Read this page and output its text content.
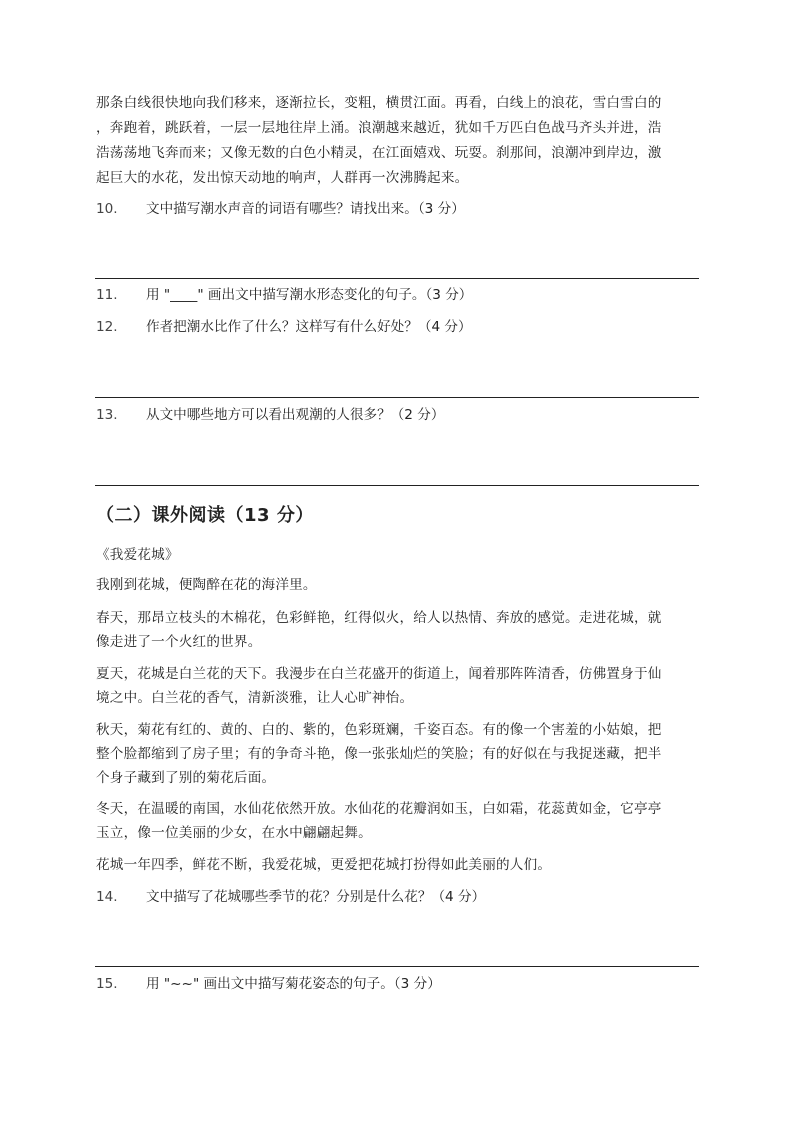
那条白线很快地向我们移来，逐渐拉长，变粗，横贯江面。再看，白线上的浪花，雪白雪白的
，奔跑着，跳跃着，一层一层地往岸上涌。浪潮越来越近，犹如千万匹白色战马齐头并进，浩
浩荡荡地飞奔而来；又像无数的白色小精灵，在江面嬉戏、玩耍。刹那间，浪潮冲到岸边，激
起巨大的水花，发出惊天动地的响声，人群再一次沸腾起来。
10. 文中描写潮水声音的词语有哪些？请找出来。（3 分）
11. 用 "____" 画出文中描写潮水形态变化的句子。（3 分）
12. 作者把潮水比作了什么？这样写有什么好处？（4 分）
13. 从文中哪些地方可以看出观潮的人很多？（2 分）
（二）课外阅读（13 分）
《我爱花城》
我刚到花城，便陶醉在花的海洋里。
春天，那昂立枝头的木棉花，色彩鲜艳，红得似火，给人以热情、奔放的感觉。走进花城，就
像走进了一个火红的世界。
夏天，花城是白兰花的天下。我漫步在白兰花盛开的街道上，闻着那阵阵清香，仿佛置身于仙
境之中。白兰花的香气，清新淡雅，让人心旷神怡。
秋天，菊花有红的、黄的、白的、紫的，色彩斑斓，千姿百态。有的像一个害羞的小姑娘，把
整个脸都缩到了房子里；有的争奇斗艳，像一张张灿烂的笑脸；有的好似在与我捉迷藏，把半
个身子藏到了别的菊花后面。
冬天，在温暖的南国，水仙花依然开放。水仙花的花瓣润如玉，白如霜，花蕊黄如金，它亭亭
玉立，像一位美丽的少女，在水中翩翩起舞。
花城一年四季，鲜花不断，我爱花城，更爱把花城打扮得如此美丽的人们。
14. 文中描写了花城哪些季节的花？分别是什么花？（4 分）
15. 用 "~~" 画出文中描写菊花姿态的句子。（3 分）
